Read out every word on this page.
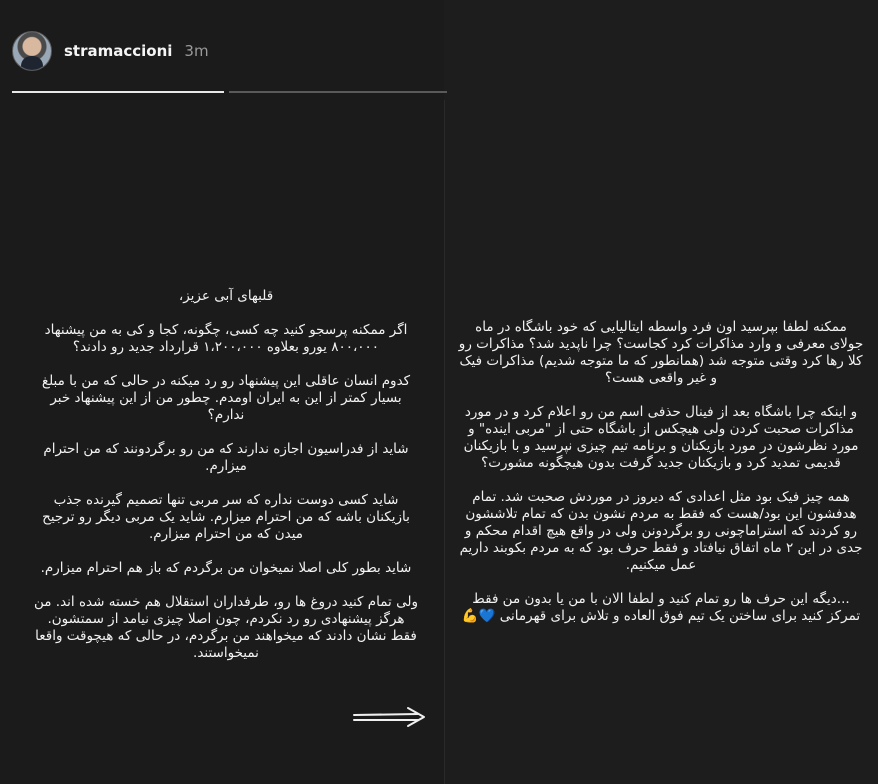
stramaccioni 3m

قلبهای آبی عزیز،

اگر ممکنه پرسجو کنید چه کسی، چگونه، کجا و کی به من پیشنهاد ۸۰۰،۰۰۰ یورو بعلاوه ۱،۲۰۰،۰۰۰ قرارداد جدید رو دادند؟

کدوم انسان عاقلی این پیشنهاد رو رد میکنه در حالی که من با مبلغ بسیار کمتر از این به ایران اومدم. چطور من از این پیشنهاد خبر ندارم؟

شاید از فدراسیون اجازه ندارند که من رو برگردونند که من احترام میزارم.

شاید کسی دوست نداره که سر مربی تنها تصمیم گیرنده جذب بازیکنان باشه که من احترام میزارم. شاید یک مربی دیگر رو ترجیح میدن که من احترام میزارم.

شاید بطور کلی اصلا نمیخوان من برگردم که باز هم احترام میزارم.

ولی تمام کنید دروغ ها رو، طرفداران استقلال هم خسته شده اند. من هرگز پیشنهادی رو رد نکردم، چون اصلا چیزی نیامد از سمتشون. فقط نشان دادند که میخواهند من برگردم، در حالی که هیچوقت واقعا نمیخواستند.

ممکنه لطفا بپرسید اون فرد واسطه ایتالیایی که خود باشگاه در ماه جولای معرفی و وارد مذاکرات کرد کجاست؟ چرا ناپدید شد؟ مذاکرات رو کلا رها کرد وقتی متوجه شد (همانطور که ما متوجه شدیم) مذاکرات فیک و غیر واقعی هست؟

و اینکه چرا باشگاه بعد از فینال حذفی اسم من رو اعلام کرد و در مورد مذاکرات صحبت کردن ولی هیچکس از باشگاه حتی از "مربی اینده" و مورد نظرشون در مورد بازیکنان و برنامه تیم چیزی نپرسید و با بازیکنان قدیمی تمدید کرد و بازیکنان جدید گرفت بدون هیچگونه مشورت؟

همه چیز فیک بود مثل اعدادی که دیروز در موردش صحبت شد. تمام هدفشون این بود/هست که فقط به مردم نشون بدن که تمام تلاششون رو کردند که استراماچونی رو برگردونن ولی در واقع هیچ اقدام محکم و جدی در این ۲ ماه اتفاق نیافتاد و فقط حرف بود که به مردم بکوبند داریم عمل میکنیم.

...دیگه این حرف ها رو تمام کنید و لطفا الان با من یا بدون من فقط تمرکز کنید برای ساختن یک تیم فوق العاده و تلاش برای قهرمانی 💙💪
